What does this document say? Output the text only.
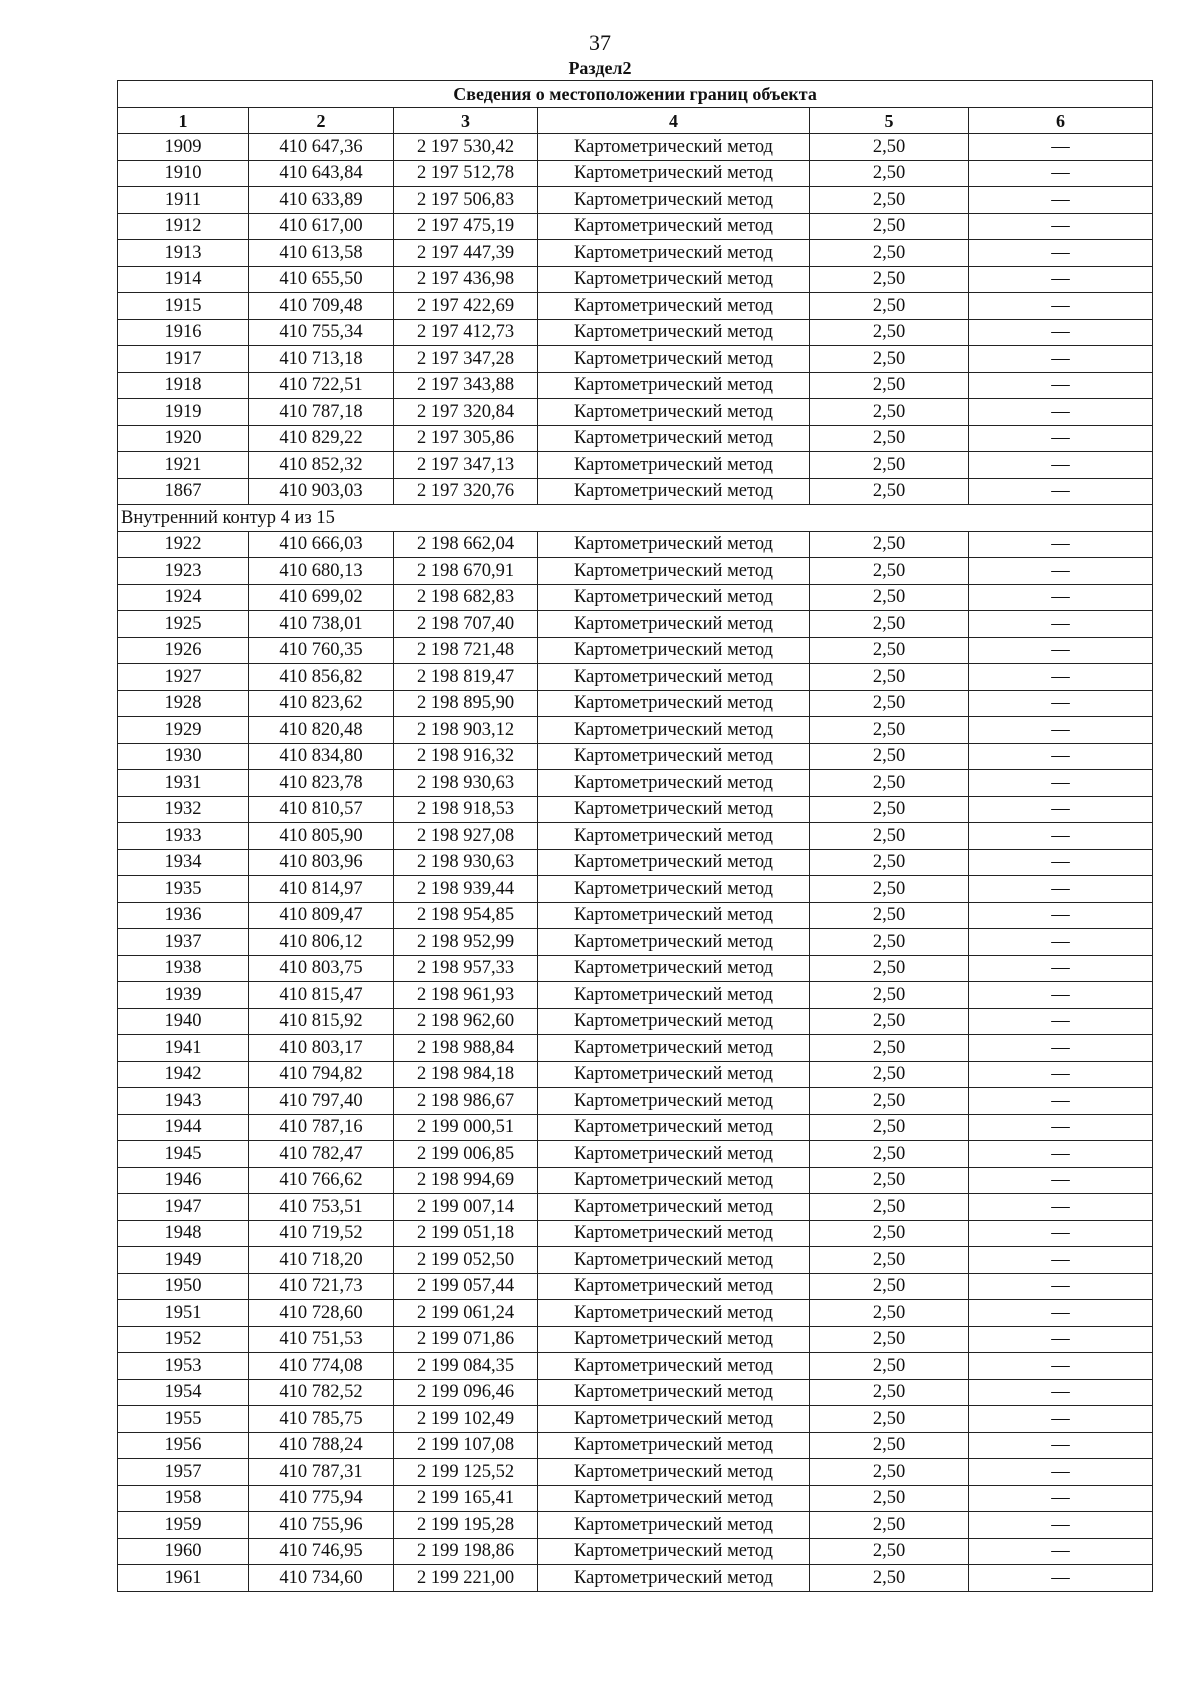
37
Раздел2
Сведения о местоположении границ объекта					
1	2	3	4	5	6
1909	410 647,36	2 197 530,42	Картометрический метод	2,50	—
1910	410 643,84	2 197 512,78	Картометрический метод	2,50	—
1911	410 633,89	2 197 506,83	Картометрический метод	2,50	—
1912	410 617,00	2 197 475,19	Картометрический метод	2,50	—
1913	410 613,58	2 197 447,39	Картометрический метод	2,50	—
1914	410 655,50	2 197 436,98	Картометрический метод	2,50	—
1915	410 709,48	2 197 422,69	Картометрический метод	2,50	—
1916	410 755,34	2 197 412,73	Картометрический метод	2,50	—
1917	410 713,18	2 197 347,28	Картометрический метод	2,50	—
1918	410 722,51	2 197 343,88	Картометрический метод	2,50	—
1919	410 787,18	2 197 320,84	Картометрический метод	2,50	—
1920	410 829,22	2 197 305,86	Картометрический метод	2,50	—
1921	410 852,32	2 197 347,13	Картометрический метод	2,50	—
1867	410 903,03	2 197 320,76	Картометрический метод	2,50	—
Внутренний контур 4 из 15					
1922	410 666,03	2 198 662,04	Картометрический метод	2,50	—
1923	410 680,13	2 198 670,91	Картометрический метод	2,50	—
1924	410 699,02	2 198 682,83	Картометрический метод	2,50	—
1925	410 738,01	2 198 707,40	Картометрический метод	2,50	—
1926	410 760,35	2 198 721,48	Картометрический метод	2,50	—
1927	410 856,82	2 198 819,47	Картометрический метод	2,50	—
1928	410 823,62	2 198 895,90	Картометрический метод	2,50	—
1929	410 820,48	2 198 903,12	Картометрический метод	2,50	—
1930	410 834,80	2 198 916,32	Картометрический метод	2,50	—
1931	410 823,78	2 198 930,63	Картометрический метод	2,50	—
1932	410 810,57	2 198 918,53	Картометрический метод	2,50	—
1933	410 805,90	2 198 927,08	Картометрический метод	2,50	—
1934	410 803,96	2 198 930,63	Картометрический метод	2,50	—
1935	410 814,97	2 198 939,44	Картометрический метод	2,50	—
1936	410 809,47	2 198 954,85	Картометрический метод	2,50	—
1937	410 806,12	2 198 952,99	Картометрический метод	2,50	—
1938	410 803,75	2 198 957,33	Картометрический метод	2,50	—
1939	410 815,47	2 198 961,93	Картометрический метод	2,50	—
1940	410 815,92	2 198 962,60	Картометрический метод	2,50	—
1941	410 803,17	2 198 988,84	Картометрический метод	2,50	—
1942	410 794,82	2 198 984,18	Картометрический метод	2,50	—
1943	410 797,40	2 198 986,67	Картометрический метод	2,50	—
1944	410 787,16	2 199 000,51	Картометрический метод	2,50	—
1945	410 782,47	2 199 006,85	Картометрический метод	2,50	—
1946	410 766,62	2 198 994,69	Картометрический метод	2,50	—
1947	410 753,51	2 199 007,14	Картометрический метод	2,50	—
1948	410 719,52	2 199 051,18	Картометрический метод	2,50	—
1949	410 718,20	2 199 052,50	Картометрический метод	2,50	—
1950	410 721,73	2 199 057,44	Картометрический метод	2,50	—
1951	410 728,60	2 199 061,24	Картометрический метод	2,50	—
1952	410 751,53	2 199 071,86	Картометрический метод	2,50	—
1953	410 774,08	2 199 084,35	Картометрический метод	2,50	—
1954	410 782,52	2 199 096,46	Картометрический метод	2,50	—
1955	410 785,75	2 199 102,49	Картометрический метод	2,50	—
1956	410 788,24	2 199 107,08	Картометрический метод	2,50	—
1957	410 787,31	2 199 125,52	Картометрический метод	2,50	—
1958	410 775,94	2 199 165,41	Картометрический метод	2,50	—
1959	410 755,96	2 199 195,28	Картометрический метод	2,50	—
1960	410 746,95	2 199 198,86	Картометрический метод	2,50	—
1961	410 734,60	2 199 221,00	Картометрический метод	2,50	—
